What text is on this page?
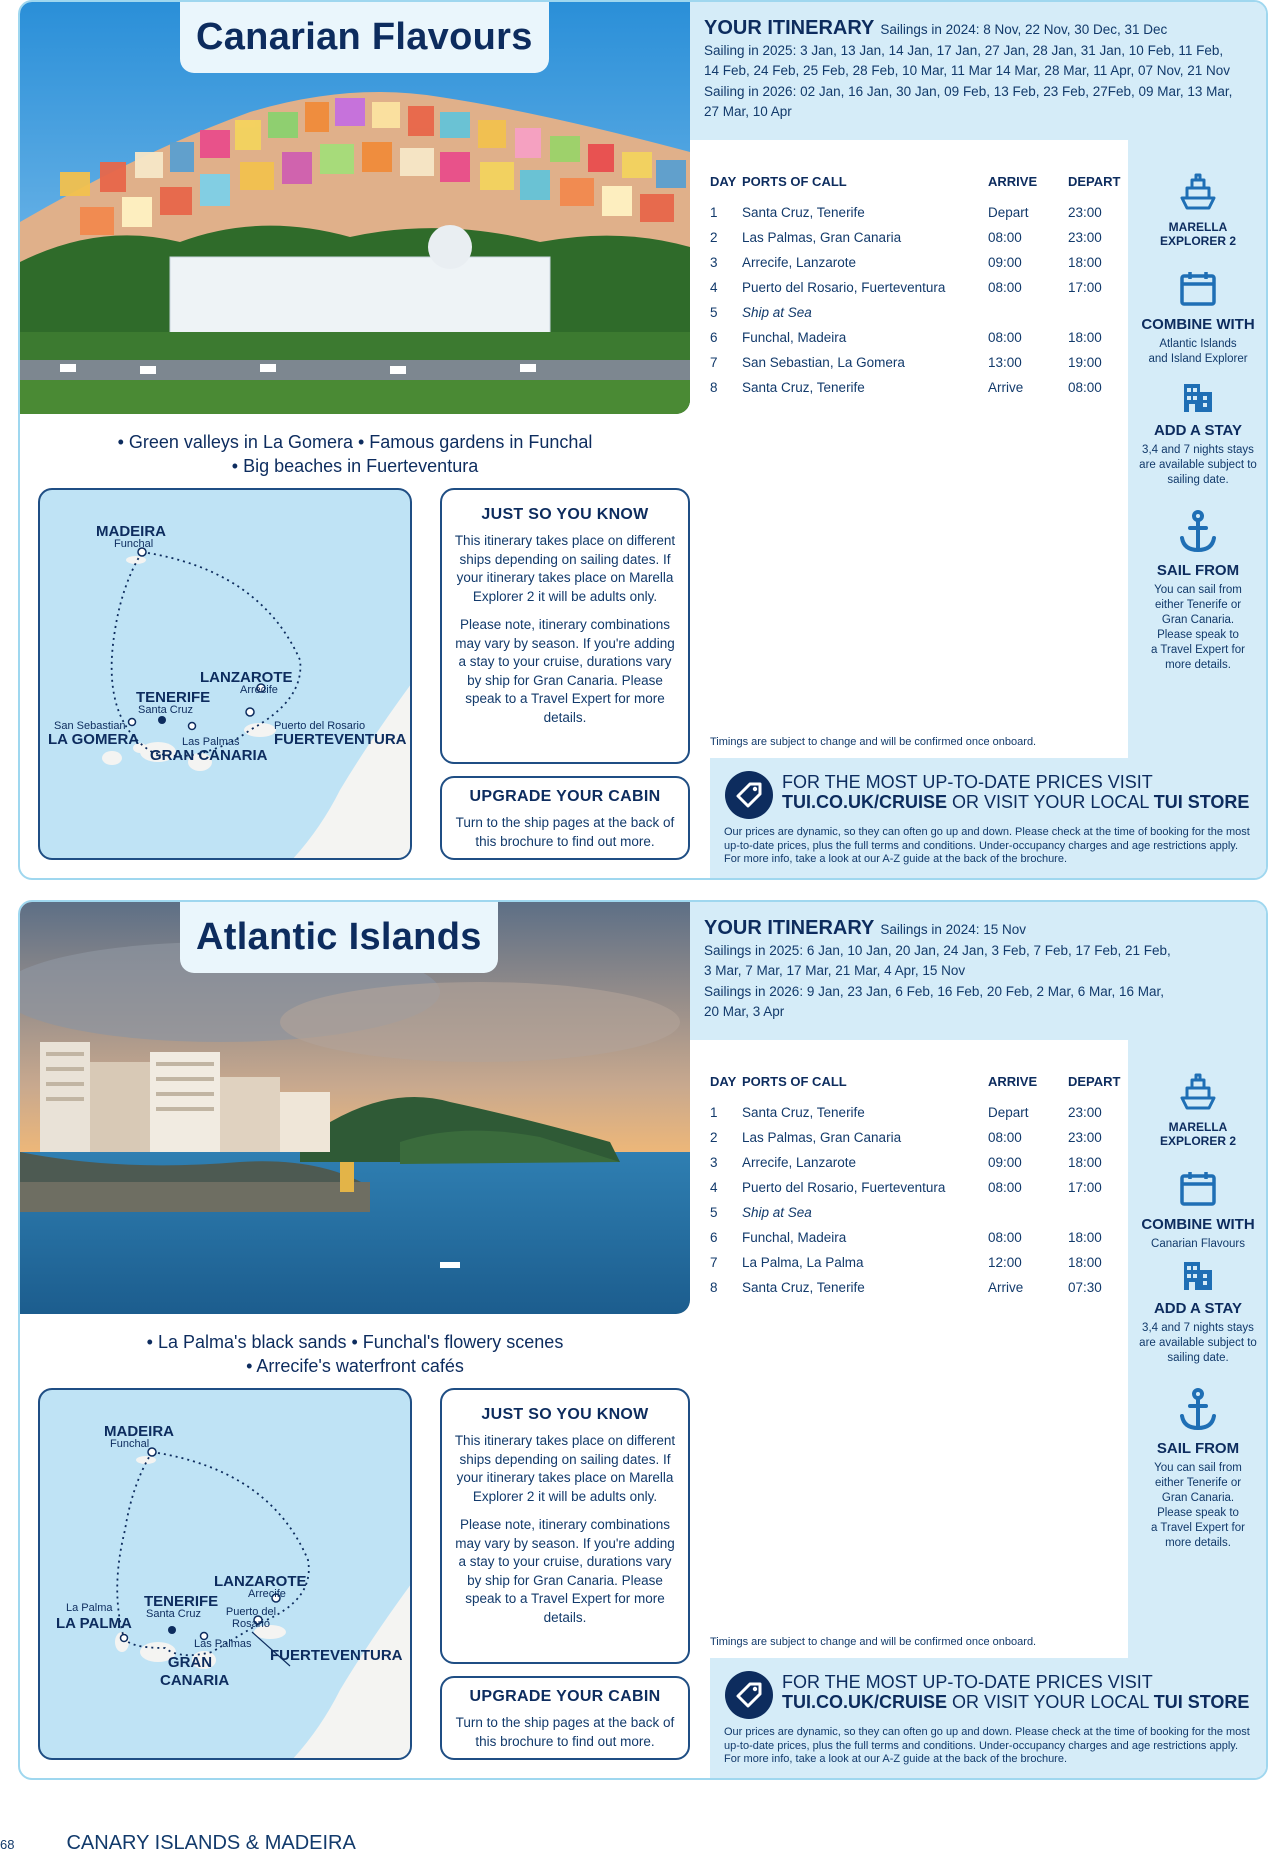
Canarian Flavours
• Green valleys in La Gomera • Famous gardens in Funchal
• Big beaches in Fuerteventura
MADEIRA
Funchal
LANZAROTE
Arrecife
TENERIFE
Santa Cruz
San Sebastian
LA GOMERA	Las Palmas
Puerto del Rosario
FUERTEVENTURA
GRAN CANARIA
JUST SO YOU KNOW

This itinerary takes place on different ships depending on sailing dates. If your itinerary takes place on Marella Explorer 2 it will be adults only.

Please note, itinerary combinations may vary by season. If you're adding a stay to your cruise, durations vary by ship for Gran Canaria. Please speak to a Travel Expert for more details.

UPGRADE YOUR CABIN

Turn to the ship pages at the back of this brochure to find out more.

YOUR ITINERARY Sailings in 2024: 8 Nov, 22 Nov, 30 Dec, 31 Dec
Sailing in 2025: 3 Jan, 13 Jan, 14 Jan, 17 Jan, 27 Jan, 28 Jan, 31 Jan, 10 Feb, 11 Feb,
14 Feb, 24 Feb, 25 Feb, 28 Feb, 10 Mar, 11 Mar 14 Mar, 28 Mar, 11 Apr, 07 Nov, 21 Nov
Sailing in 2026: 02 Jan, 16 Jan, 30 Jan, 09 Feb, 13 Feb, 23 Feb, 27Feb, 09 Mar, 13 Mar,
27 Mar, 10 Apr
DAY PORTS OF CALL	ARRIVE	DEPART
1	Santa Cruz, Tenerife	Depart	23:00
2	Las Palmas, Gran Canaria	08:00	23:00
3	Arrecife, Lanzarote	09:00	18:00
4	Puerto del Rosario, Fuerteventura	08:00	17:00
5	Ship at Sea
6	Funchal, Madeira	08:00	18:00
7	San Sebastian, La Gomera	13:00	19:00
8	Santa Cruz, Tenerife	Arrive	08:00
Timings are subject to change and will be confirmed once onboard.
MARELLA
EXPLORER 2
COMBINE WITH
Atlantic Islands
and Island Explorer
ADD A STAY
3,4 and 7 nights stays
are available subject to
sailing date.
SAIL FROM
You can sail from
either Tenerife or
Gran Canaria.
Please speak to
a Travel Expert for
more details.
FOR THE MOST UP-TO-DATE PRICES VISIT
TUI.CO.UK/CRUISE OR VISIT YOUR LOCAL TUI STORE
Our prices are dynamic, so they can often go up and down. Please check at the time of booking for the most up-to-date prices, plus the full terms and conditions. Under-occupancy charges and age restrictions apply. For more info, take a look at our A-Z guide at the back of the brochure.
Atlantic Islands
• La Palma's black sands • Funchal's flowery scenes
• Arrecife's waterfront cafés
MADEIRA
Funchal
LANZAROTE
Arrecife
TENERIFE
Santa Cruz
La Palma
LA PALMA
Las Palmas
Puerto del Rosario
FUERTEVENTURA
GRAN CANARIA
JUST SO YOU KNOW

This itinerary takes place on different ships depending on sailing dates. If your itinerary takes place on Marella Explorer 2 it will be adults only.

Please note, itinerary combinations may vary by season. If you're adding a stay to your cruise, durations vary by ship for Gran Canaria. Please speak to a Travel Expert for more details.

UPGRADE YOUR CABIN

Turn to the ship pages at the back of this brochure to find out more.

YOUR ITINERARY Sailings in 2024: 15 Nov
Sailings in 2025: 6 Jan, 10 Jan, 20 Jan, 24 Jan, 3 Feb, 7 Feb, 17 Feb, 21 Feb,
3 Mar, 7 Mar, 17 Mar, 21 Mar, 4 Apr, 15 Nov
Sailings in 2026: 9 Jan, 23 Jan, 6 Feb, 16 Feb, 20 Feb, 2 Mar, 6 Mar, 16 Mar,
20 Mar, 3 Apr
DAY PORTS OF CALL	ARRIVE	DEPART
1	Santa Cruz, Tenerife	Depart	23:00
2	Las Palmas, Gran Canaria	08:00	23:00
3	Arrecife, Lanzarote	09:00	18:00
4	Puerto del Rosario, Fuerteventura	08:00	17:00
5	Ship at Sea
6	Funchal, Madeira	08:00	18:00
7	La Palma, La Palma	12:00	18:00
8	Santa Cruz, Tenerife	Arrive	07:30
Timings are subject to change and will be confirmed once onboard.
MARELLA
EXPLORER 2
COMBINE WITH
Canarian Flavours
ADD A STAY
3,4 and 7 nights stays
are available subject to
sailing date.
SAIL FROM
You can sail from
either Tenerife or
Gran Canaria.
Please speak to
a Travel Expert for
more details.
FOR THE MOST UP-TO-DATE PRICES VISIT
TUI.CO.UK/CRUISE OR VISIT YOUR LOCAL TUI STORE
Our prices are dynamic, so they can often go up and down. Please check at the time of booking for the most up-to-date prices, plus the full terms and conditions. Under-occupancy charges and age restrictions apply. For more info, take a look at our A-Z guide at the back of the brochure.
68	CANARY ISLANDS & MADEIRA
